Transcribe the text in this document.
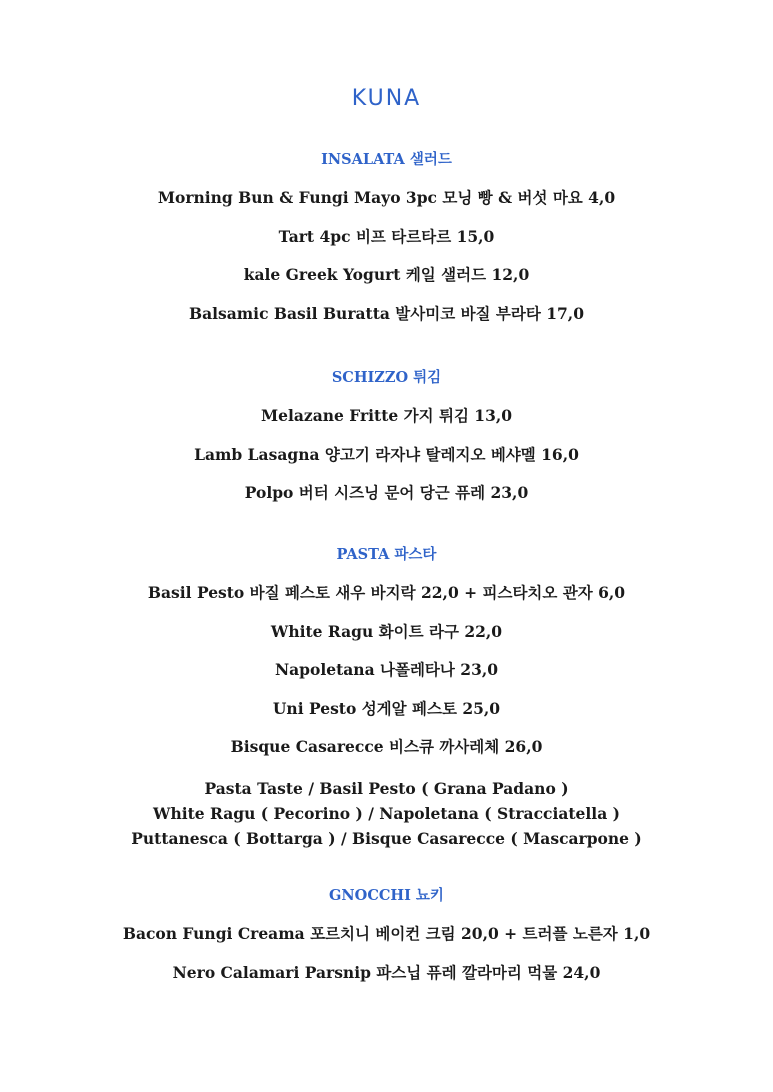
KUNA
INSALATA 샐러드
Morning Bun & Fungi Mayo 3pc 모닝 빵 & 버섯 마요 4,0
Tart 4pc 비프 타르타르 15,0
kale Greek Yogurt 케일 샐러드 12,0
Balsamic Basil Buratta 발사미코 바질 부라타 17,0
SCHIZZO 튀김
Melazane Fritte 가지 튀김 13,0
Lamb Lasagna 양고기 라자냐 탈레지오 베샤멜 16,0
Polpo 버터 시즈닝 문어 당근 퓨레 23,0
PASTA 파스타
Basil Pesto 바질 페스토 새우 바지락 22,0 + 피스타치오 관자 6,0
White Ragu 화이트 라구 22,0
Napoletana 나폴레타나 23,0
Uni Pesto 성게알 페스토 25,0
Bisque Casarecce 비스큐 까사레체 26,0
Pasta Taste / Basil Pesto ( Grana Padano )
White Ragu ( Pecorino ) / Napoletana ( Stracciatella )
Puttanesca ( Bottarga ) / Bisque Casarecce ( Mascarpone )
GNOCCHI 뇨키
Bacon Fungi Creama 포르치니 베이컨 크림 20,0 + 트러플 노른자 1,0
Nero Calamari Parsnip 파스닙 퓨레 깔라마리 먹물 24,0
